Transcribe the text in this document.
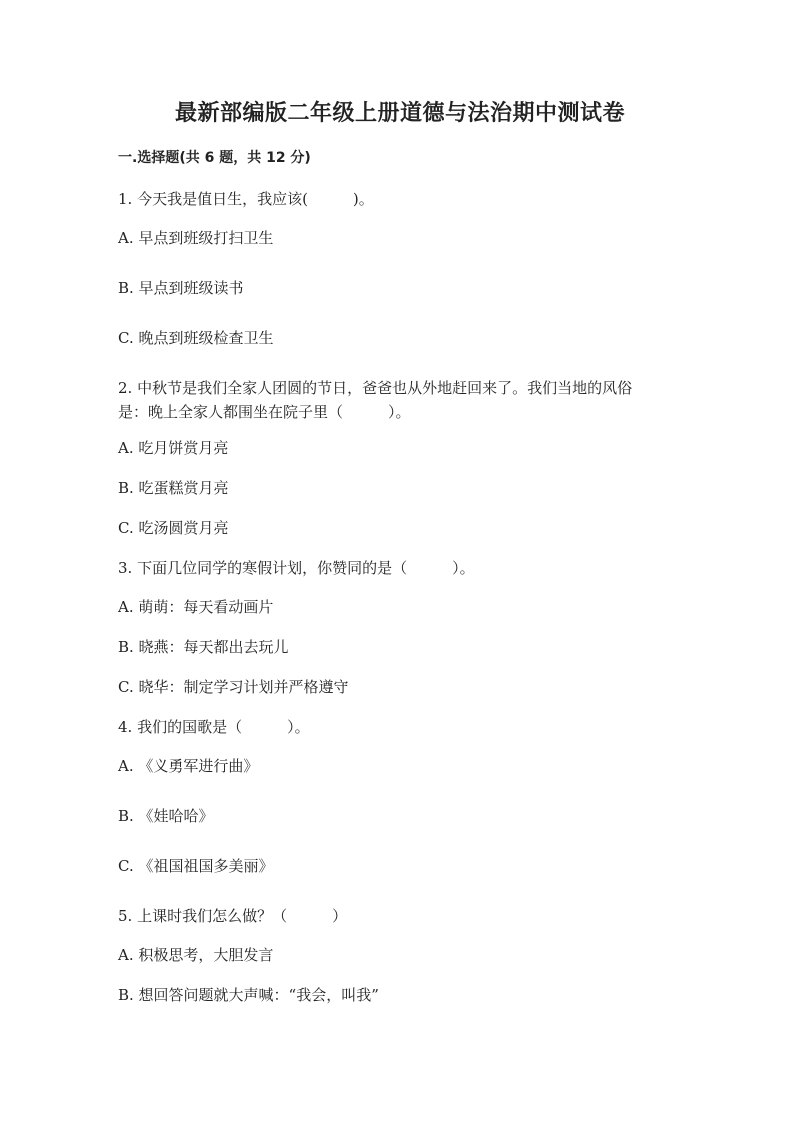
最新部编版二年级上册道德与法治期中测试卷
一.选择题(共 6 题，共 12 分)
1. 今天我是值日生，我应该(　　　)。
A. 早点到班级打扫卫生
B. 早点到班级读书
C. 晚点到班级检查卫生
2. 中秋节是我们全家人团圆的节日，爸爸也从外地赶回来了。我们当地的风俗
是：晚上全家人都围坐在院子里（　　　）。
A. 吃月饼赏月亮
B. 吃蛋糕赏月亮
C. 吃汤圆赏月亮
3. 下面几位同学的寒假计划，你赞同的是（　　　）。
A. 萌萌：每天看动画片
B. 晓燕：每天都出去玩儿
C. 晓华：制定学习计划并严格遵守
4. 我们的国歌是（　　　）。
A. 《义勇军进行曲》
B. 《娃哈哈》
C. 《祖国祖国多美丽》
5. 上课时我们怎么做？（　　　）
A. 积极思考，大胆发言
B. 想回答问题就大声喊：“我会，叫我”
